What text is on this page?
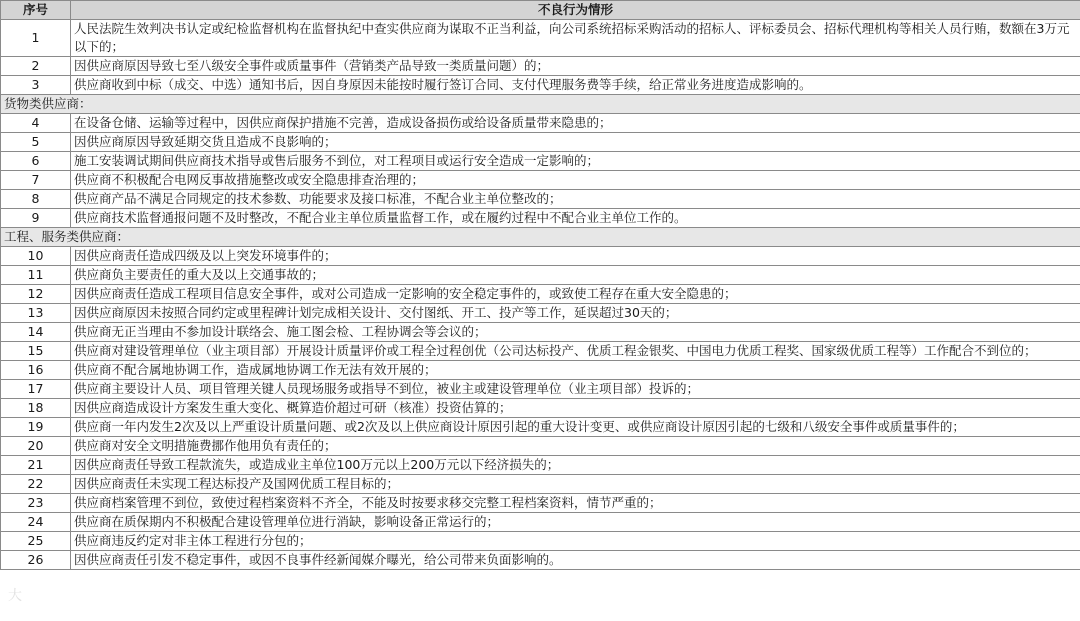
序号	不良行为情形
1	人民法院生效判决书认定或纪检监督机构在监督执纪中查实供应商为谋取不正当利益，向公司系统招标采购活动的招标人、评标委员会、招标代理机构等相关人员行贿，数额在3万元以下的；
2	因供应商原因导致七至八级安全事件或质量事件（营销类产品导致一类质量问题）的；
3	供应商收到中标（成交、中选）通知书后，因自身原因未能按时履行签订合同、支付代理服务费等手续，给正常业务进度造成影响的。
货物类供应商：	
4	在设备仓储、运输等过程中，因供应商保护措施不完善，造成设备损伤或给设备质量带来隐患的；
5	因供应商原因导致延期交货且造成不良影响的；
6	施工安装调试期间供应商技术指导或售后服务不到位，对工程项目或运行安全造成一定影响的；
7	供应商不积极配合电网反事故措施整改或安全隐患排查治理的；
8	供应商产品不满足合同规定的技术参数、功能要求及接口标准，不配合业主单位整改的；
9	供应商技术监督通报问题不及时整改，不配合业主单位质量监督工作，或在履约过程中不配合业主单位工作的。
工程、服务类供应商：	
10	因供应商责任造成四级及以上突发环境事件的；
11	供应商负主要责任的重大及以上交通事故的；
12	因供应商责任造成工程项目信息安全事件，或对公司造成一定影响的安全稳定事件的，或致使工程存在重大安全隐患的；
13	因供应商原因未按照合同约定或里程碑计划完成相关设计、交付图纸、开工、投产等工作，延误超过30天的；
14	供应商无正当理由不参加设计联络会、施工图会检、工程协调会等会议的；
15	供应商对建设管理单位（业主项目部）开展设计质量评价或工程全过程创优（公司达标投产、优质工程金银奖、中国电力优质工程奖、国家级优质工程等）工作配合不到位的；
16	供应商不配合属地协调工作，造成属地协调工作无法有效开展的；
17	供应商主要设计人员、项目管理关键人员现场服务或指导不到位，被业主或建设管理单位（业主项目部）投诉的；
18	因供应商造成设计方案发生重大变化、概算造价超过可研（核准）投资估算的；
19	供应商一年内发生2次及以上严重设计质量问题、或2次及以上供应商设计原因引起的重大设计变更、或供应商设计原因引起的七级和八级安全事件或质量事件的；
20	供应商对安全文明措施费挪作他用负有责任的；
21	因供应商责任导致工程款流失，或造成业主单位100万元以上200万元以下经济损失的；
22	因供应商责任未实现工程达标投产及国网优质工程目标的；
23	供应商档案管理不到位，致使过程档案资料不齐全，不能及时按要求移交完整工程档案资料，情节严重的；
24	供应商在质保期内不积极配合建设管理单位进行消缺，影响设备正常运行的；
25	供应商违反约定对非主体工程进行分包的；
26	因供应商责任引发不稳定事件，或因不良事件经新闻媒介曝光，给公司带来负面影响的。
大
